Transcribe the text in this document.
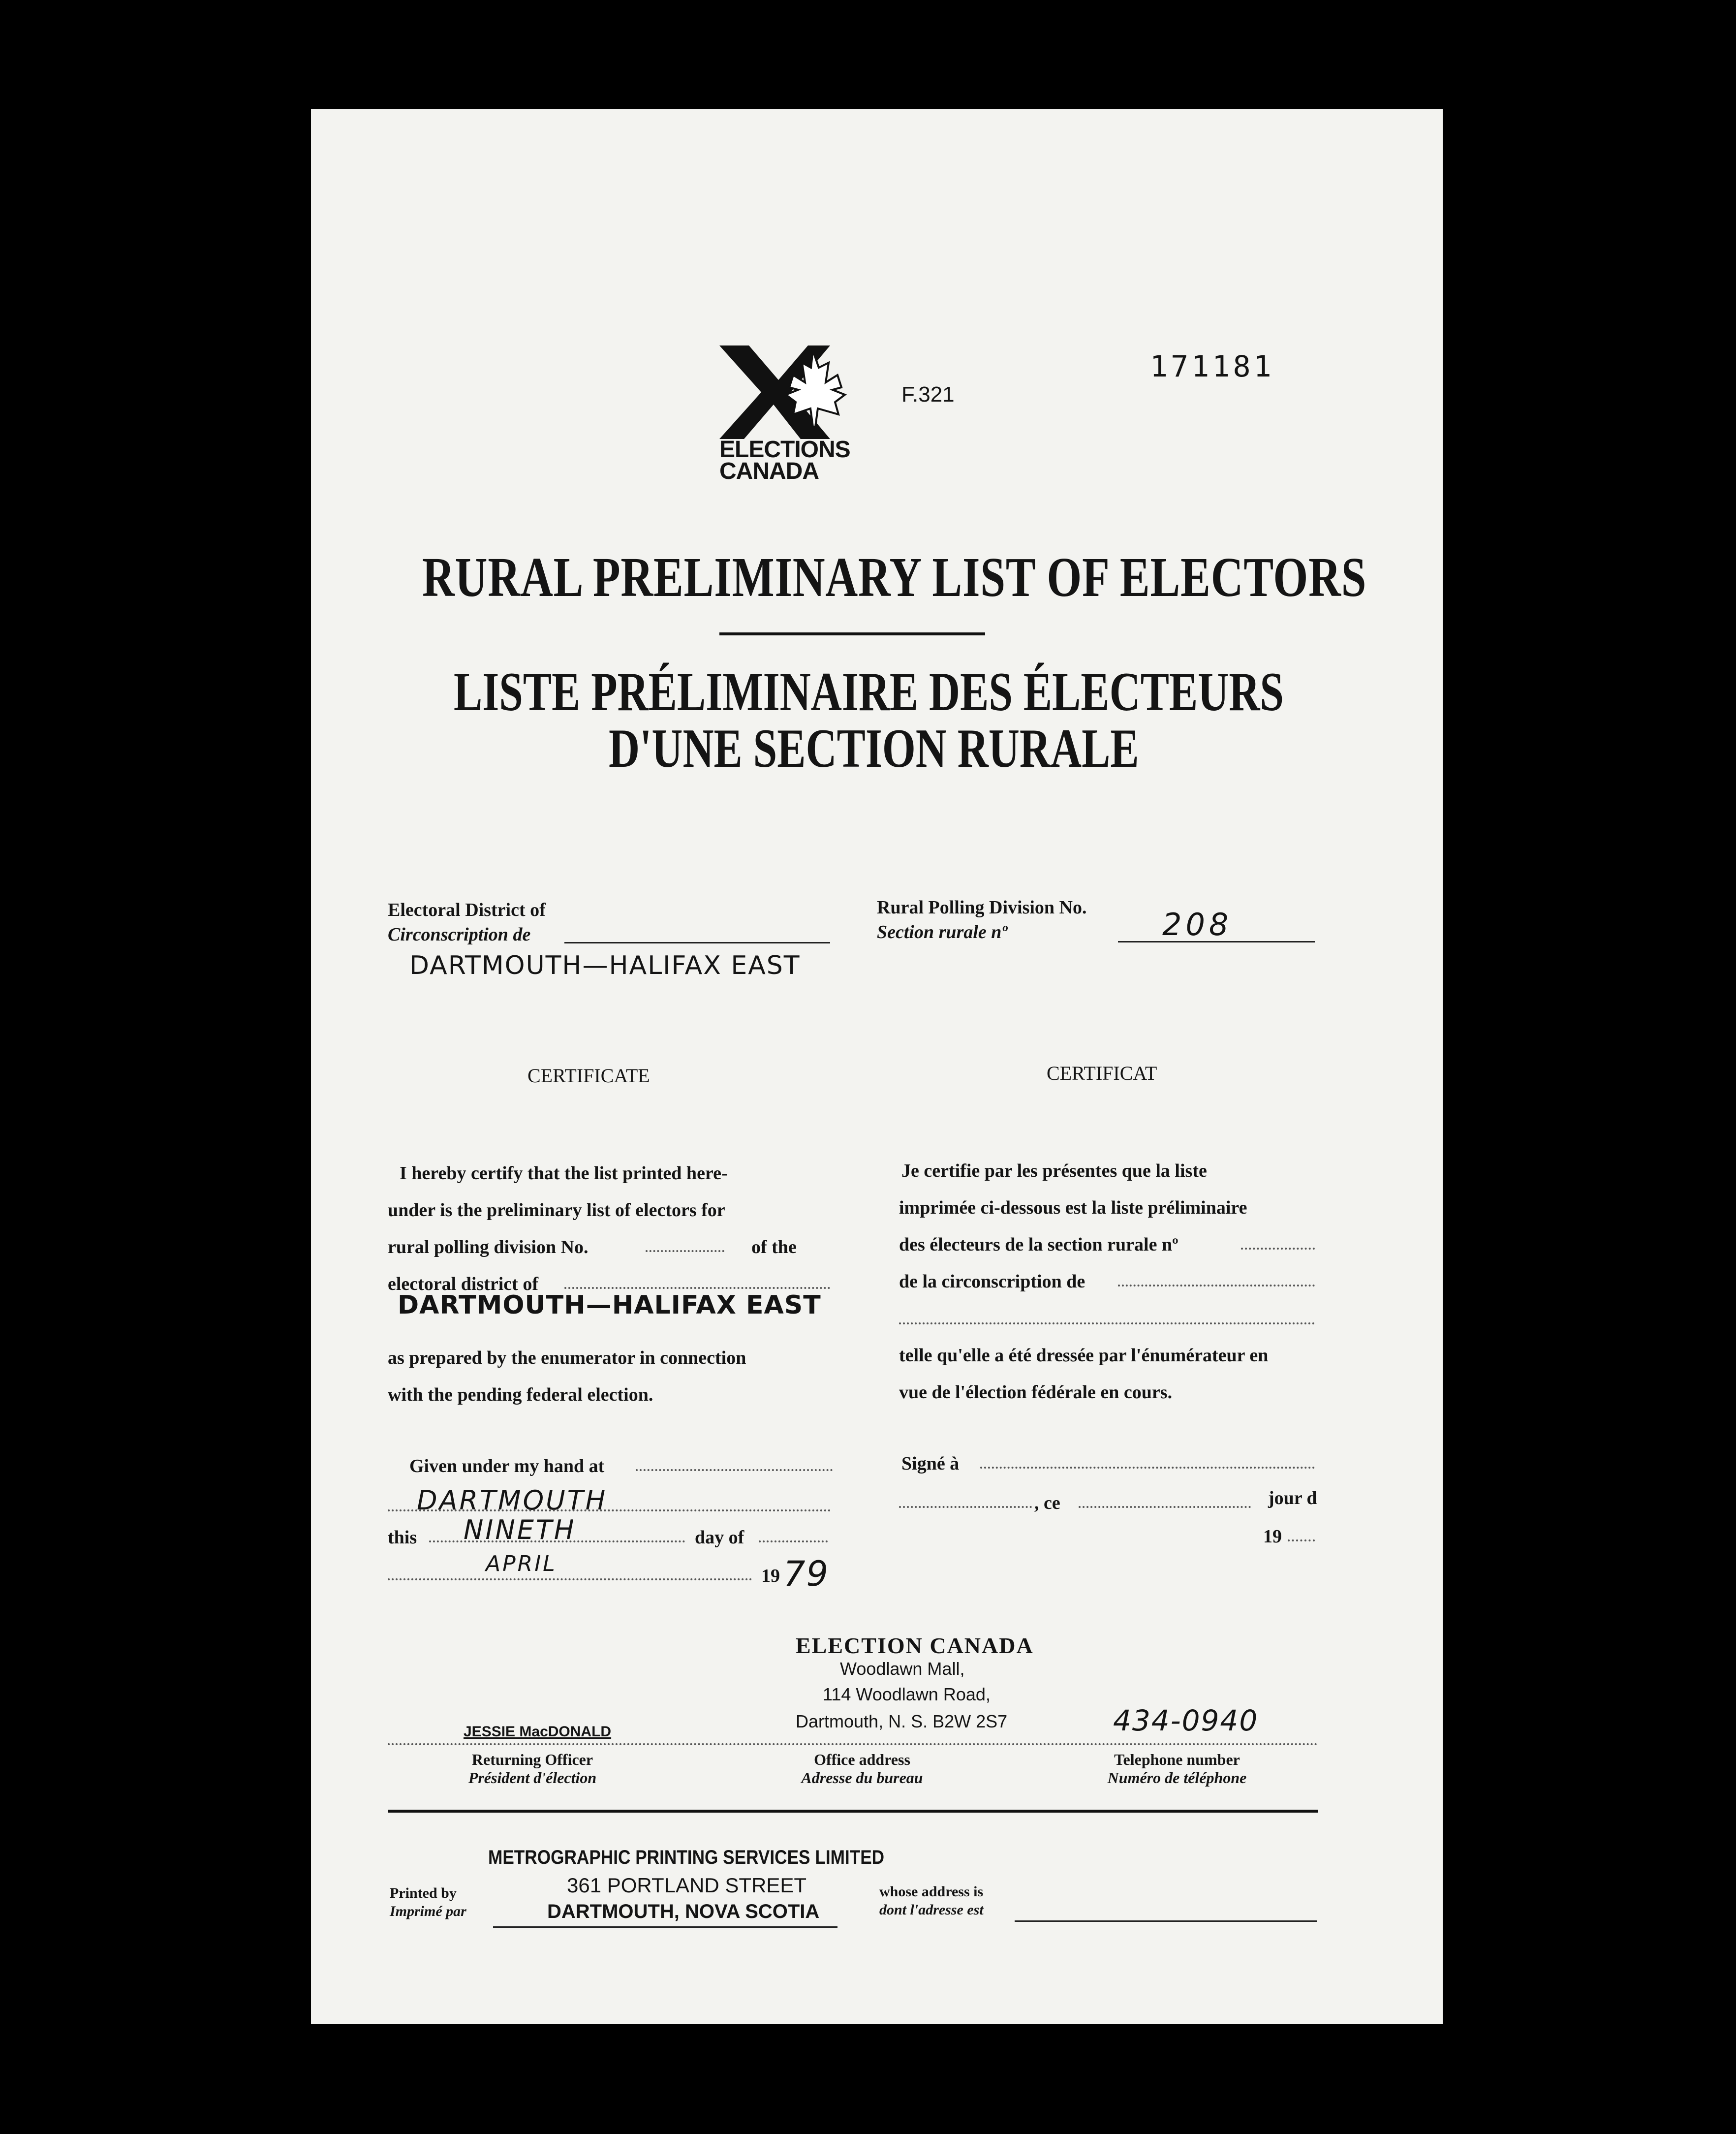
F.321
ELECTIONS
CANADA
171181
RURAL PRELIMINARY LIST OF ELECTORS
LISTE PRÉLIMINAIRE DES ÉLECTEURS
D'UNE SECTION RURALE
Electoral District of
Circonscription de
DARTMOUTH—HALIFAX EAST
Rural Polling Division No.
Section rurale nº	208
CERTIFICATE	CERTIFICAT
I hereby certify that the list printed here-
under is the preliminary list of electors for
rural polling division No.	of the
electoral district of
DARTMOUTH—HALIFAX EAST
as prepared by the enumerator in connection
with the pending federal election.
Je certifie par les présentes que la liste
imprimée ci-dessous est la liste préliminaire
des électeurs de la section rurale nº
de la circonscription de
telle qu'elle a été dressée par l'énumérateur en
vue de l'élection fédérale en cours.
Given under my hand at
DARTMOUTH
this NINETH	day of
APRIL	19 79
Signé à
, ce	jour d
19
ELECTION CANADA
Woodlawn Mall,
114 Woodlawn Road,
Dartmouth, N. S. B2W 2S7	434-0940
JESSIE MacDONALD
Returning Officer
Président d'élection
Office address
Adresse du bureau
Telephone number
Numéro de téléphone
METROGRAPHIC PRINTING SERVICES LIMITED
361 PORTLAND STREET
DARTMOUTH, NOVA SCOTIA
Printed by
Imprimé par
whose address is
dont l'adresse est
